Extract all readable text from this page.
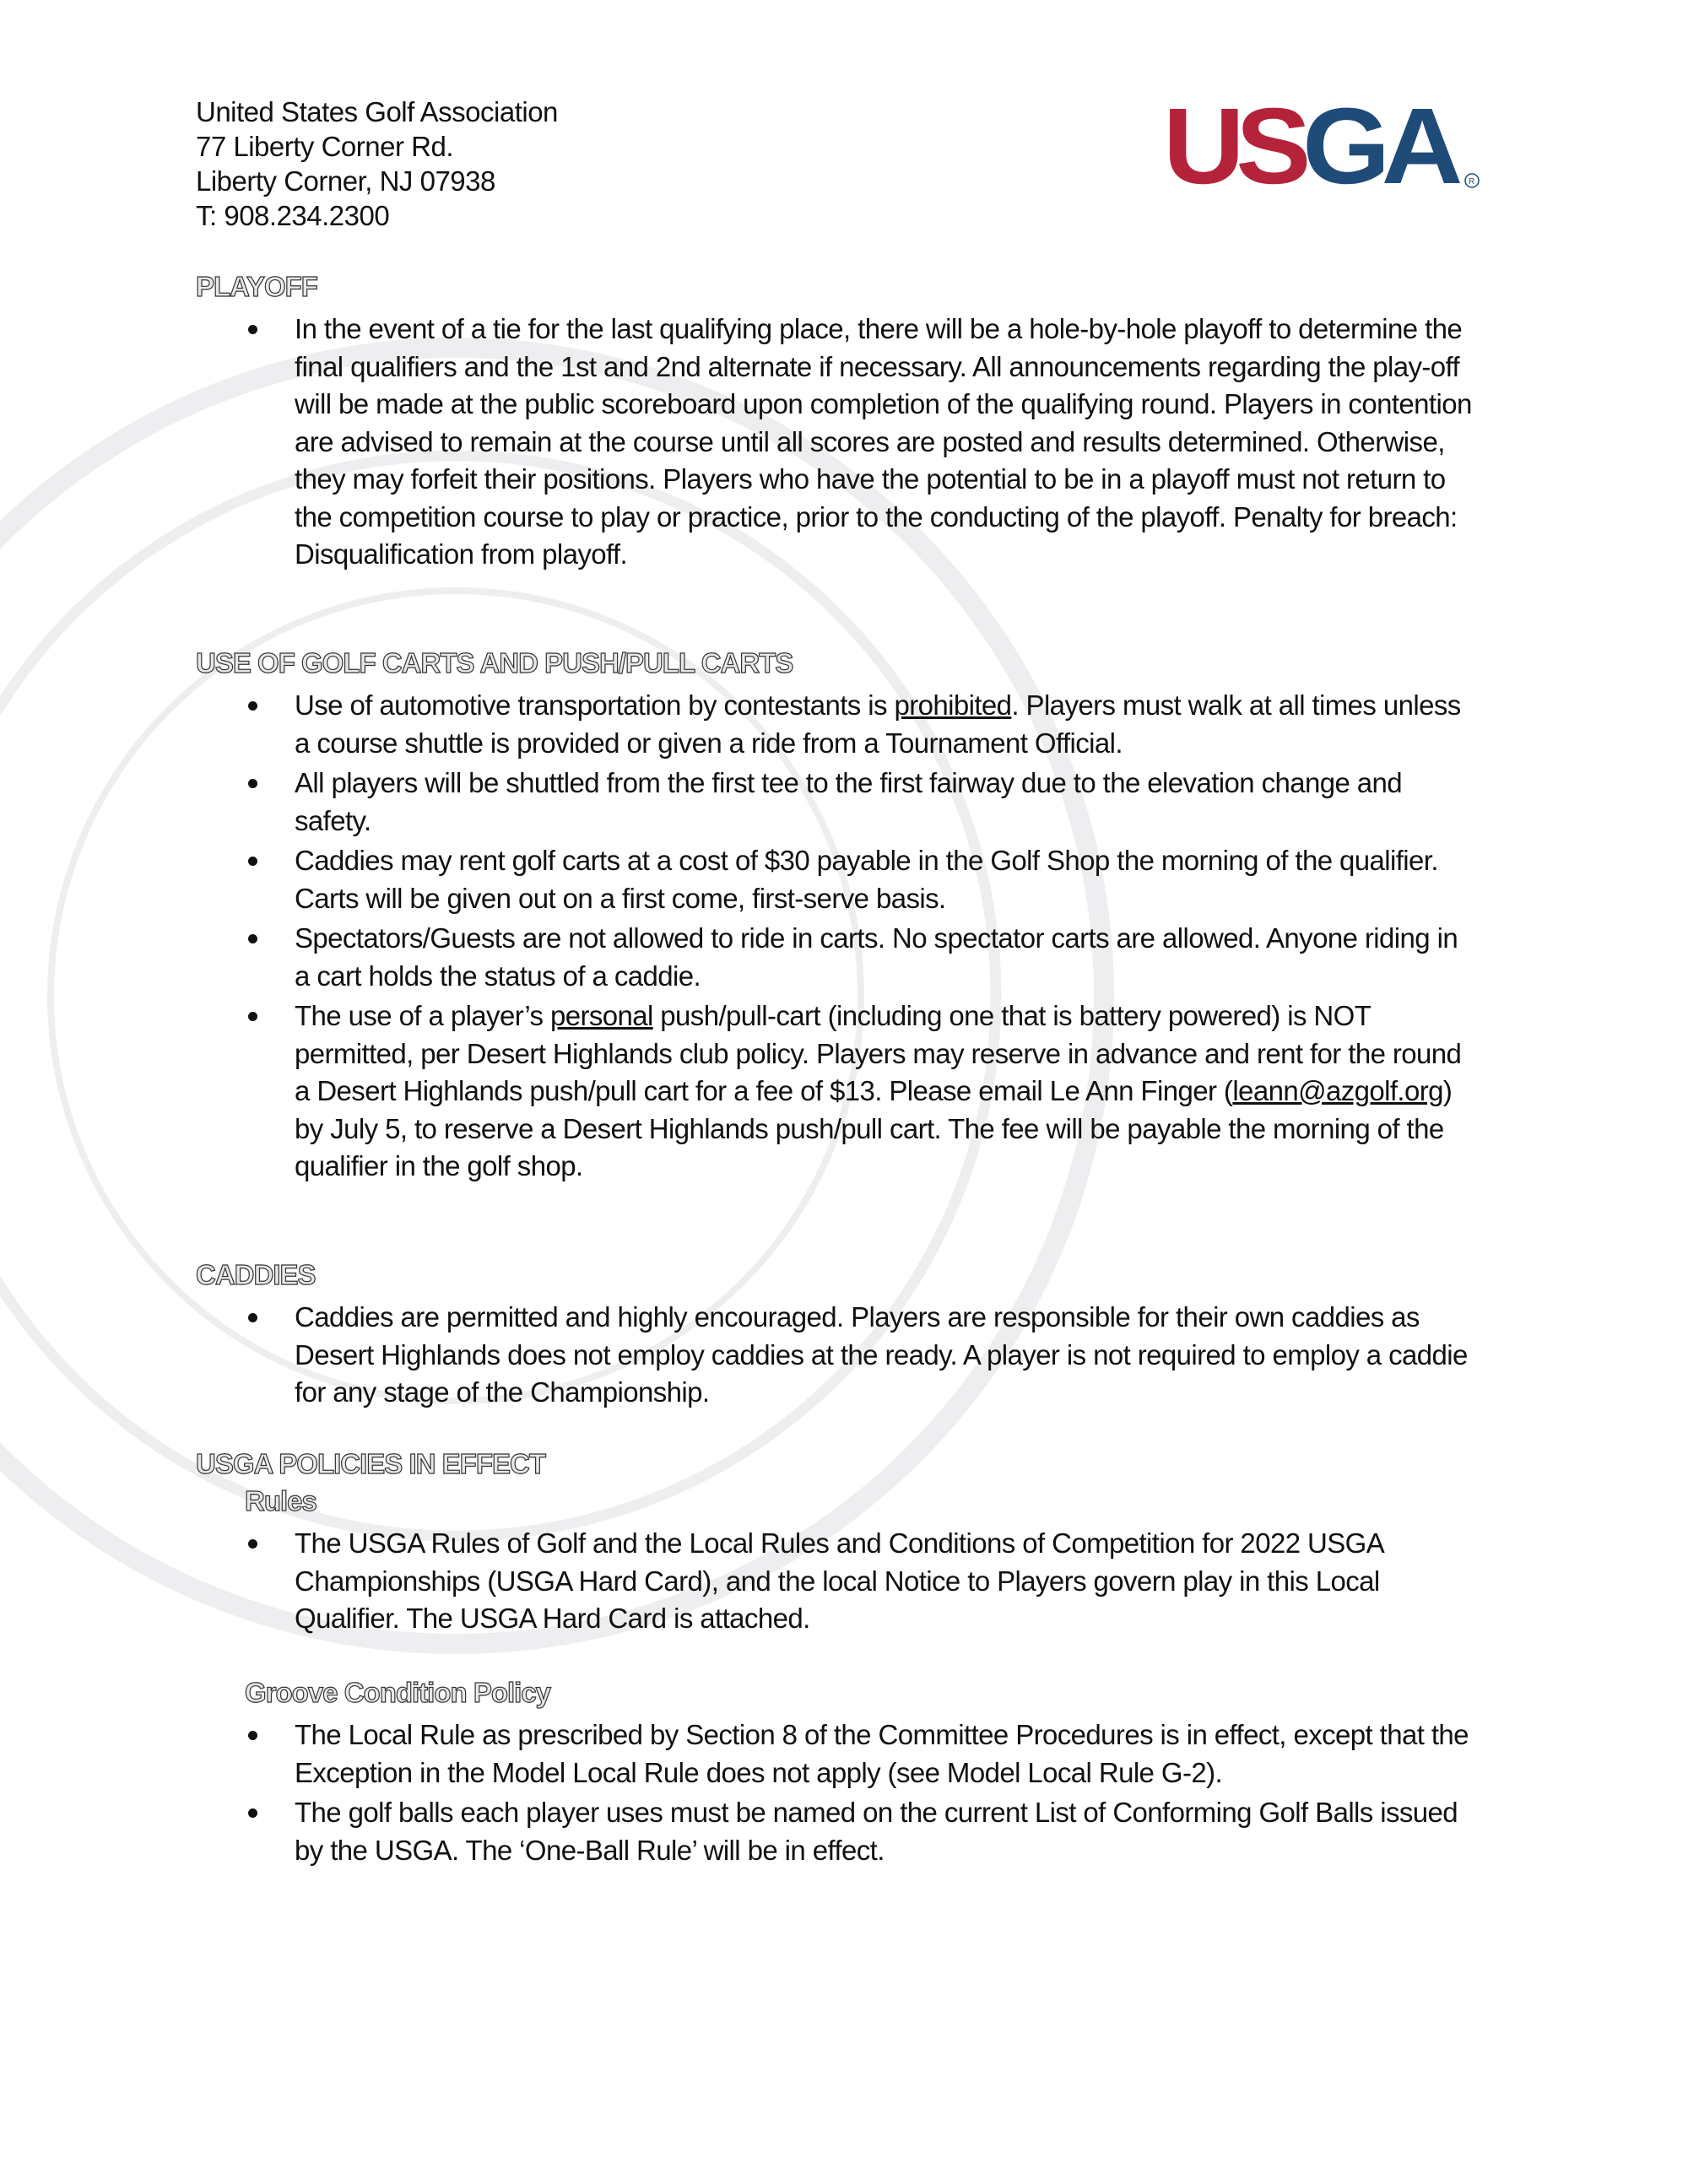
United States Golf Association
77 Liberty Corner Rd.
Liberty Corner, NJ 07938
T: 908.234.2300
USGA	R
PLAYOFF
In the event of a tie for the last qualifying place, there will be a hole-by-hole playoff to determine the final qualifiers and the 1st and 2nd alternate if necessary. All announcements regarding the play-off will be made at the public scoreboard upon completion of the qualifying round. Players in contention are advised to remain at the course until all scores are posted and results determined. Otherwise, they may forfeit their positions. Players who have the potential to be in a playoff must not return to the competition course to play or practice, prior to the conducting of the playoff. Penalty for breach: Disqualification from playoff.
USE OF GOLF CARTS AND PUSH/PULL CARTS
Use of automotive transportation by contestants is prohibited. Players must walk at all times unless a course shuttle is provided or given a ride from a Tournament Official.
All players will be shuttled from the first tee to the first fairway due to the elevation change and safety.
Caddies may rent golf carts at a cost of $30 payable in the Golf Shop the morning of the qualifier. Carts will be given out on a first come, first-serve basis.
Spectators/Guests are not allowed to ride in carts. No spectator carts are allowed. Anyone riding in a cart holds the status of a caddie.
The use of a player’s personal push/pull-cart (including one that is battery powered) is NOT permitted, per Desert Highlands club policy. Players may reserve in advance and rent for the round a Desert Highlands push/pull cart for a fee of $13. Please email Le Ann Finger (leann@azgolf.org) by July 5, to reserve a Desert Highlands push/pull cart. The fee will be payable the morning of the qualifier in the golf shop.
CADDIES
Caddies are permitted and highly encouraged. Players are responsible for their own caddies as Desert Highlands does not employ caddies at the ready. A player is not required to employ a caddie for any stage of the Championship.
USGA POLICIES IN EFFECT
Rules
The USGA Rules of Golf and the Local Rules and Conditions of Competition for 2022 USGA Championships (USGA Hard Card), and the local Notice to Players govern play in this Local Qualifier. The USGA Hard Card is attached.
Groove Condition Policy
The Local Rule as prescribed by Section 8 of the Committee Procedures is in effect, except that the Exception in the Model Local Rule does not apply (see Model Local Rule G-2).
The golf balls each player uses must be named on the current List of Conforming Golf Balls issued by the USGA. The ‘One-Ball Rule’ will be in effect.
